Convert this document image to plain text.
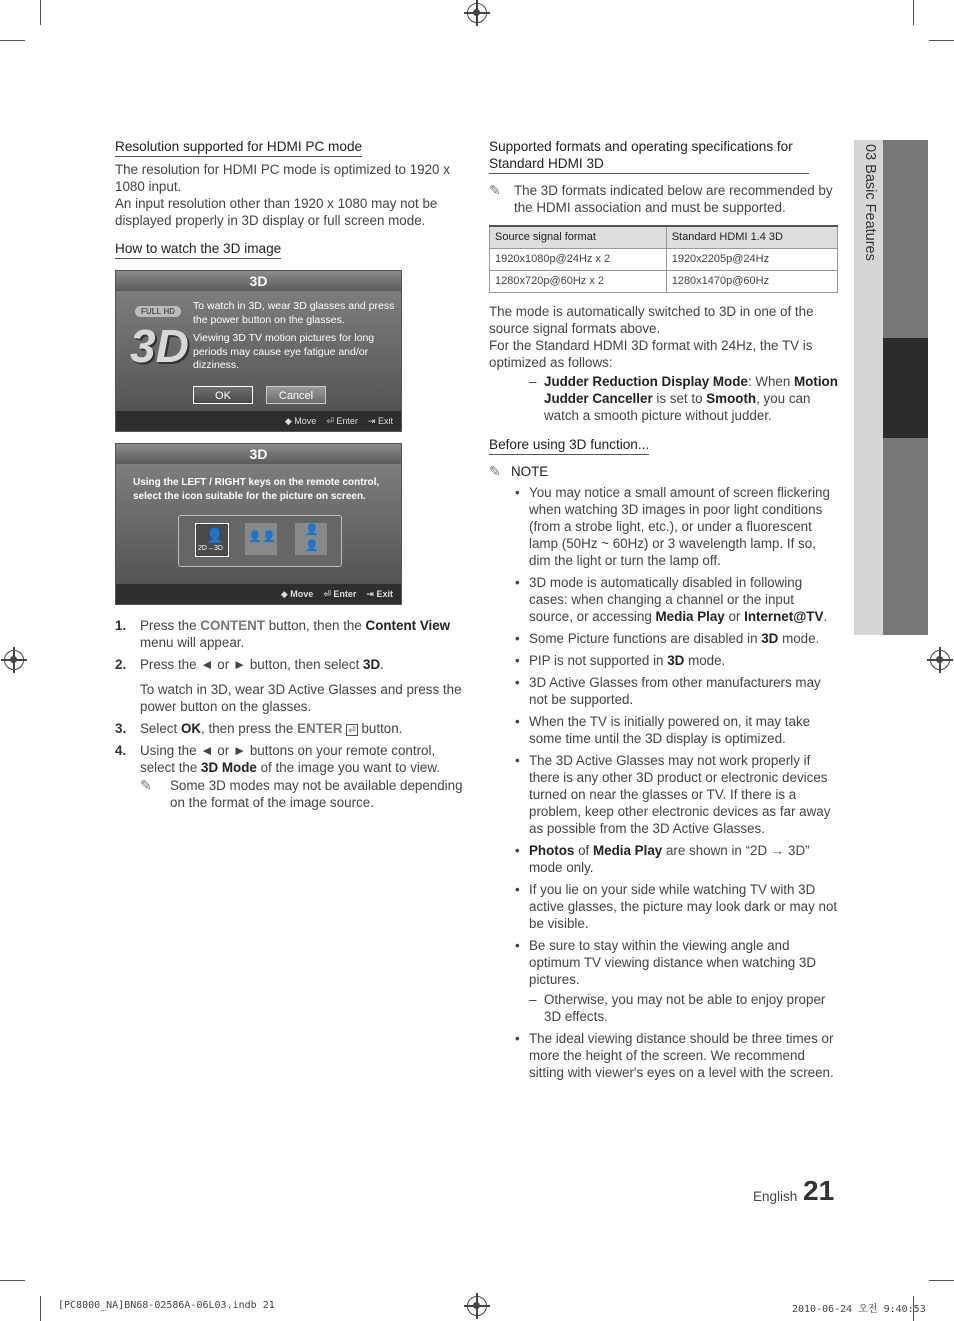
03 Basic Features
Resolution supported for HDMI PC mode

The resolution for HDMI PC mode is optimized to 1920 x 1080 input.

An input resolution other than 1920 x 1080 may not be displayed properly in 3D display or full screen mode.

How to watch the 3D image
3D
FULL HD
3D

To watch in 3D, wear 3D glasses and press the power button on the glasses.

Viewing 3D TV motion pictures for long periods may cause eye fatigue and/or dizziness.

OK	Cancel
◆ Move ⏎ Enter ⇥ Exit
3D
Using the LEFT / RIGHT keys on the remote control, select the icon suitable for the picture on screen.
👤
2D→3D
👤 👤
👤
👤
◆ Move ⏎ Enter ⇥ Exit
1. Press the CONTENT button, then the Content View menu will appear.
2. Press the ◄ or ► button, then select 3D.
To watch in 3D, wear 3D Active Glasses and press the power button on the glasses.
3. Select OK, then press the ENTER ⏎ button.
4. Using the ◄ or ► buttons on your remote control, select the 3D Mode of the image you want to view.
✎	Some 3D modes may not be available depending on the format of the image source.
Supported formats and operating specifications for Standard HDMI 3D
✎ The 3D formats indicated below are recommended by the HDMI association and must be supported.
Source signal format	Standard HDMI 1.4 3D
1920x1080p@24Hz x 2	1920x2205p@24Hz
1280x720p@60Hz x 2	1280x1470p@60Hz

The mode is automatically switched to 3D in one of the source signal formats above.

For the Standard HDMI 3D format with 24Hz, the TV is optimized as follows:

– Judder Reduction Display Mode: When Motion Judder Canceller is set to Smooth, you can watch a smooth picture without judder.
Before using 3D function...
✎ NOTE
• You may notice a small amount of screen flickering when watching 3D images in poor light conditions (from a strobe light, etc.), or under a fluorescent lamp (50Hz ~ 60Hz) or 3 wavelength lamp. If so, dim the light or turn the lamp off.
• 3D mode is automatically disabled in following cases: when changing a channel or the input source, or accessing Media Play or Internet@TV.
• Some Picture functions are disabled in 3D mode.
• PIP is not supported in 3D mode.
• 3D Active Glasses from other manufacturers may not be supported.
• When the TV is initially powered on, it may take some time until the 3D display is optimized.
• The 3D Active Glasses may not work properly if there is any other 3D product or electronic devices turned on near the glasses or TV. If there is a problem, keep other electronic devices as far away as possible from the 3D Active Glasses.
• Photos of Media Play are shown in “2D → 3D” mode only.
• If you lie on your side while watching TV with 3D active glasses, the picture may look dark or may not be visible.
• Be sure to stay within the viewing angle and optimum TV viewing distance when watching 3D pictures.
– Otherwise, you may not be able to enjoy proper 3D effects.
• The ideal viewing distance should be three times or more the height of the screen. We recommend sitting with viewer's eyes on a level with the screen.
English 21
[PC8000_NA]BN68-02586A-06L03.indb 21	2010-06-24 오전 9:40:53
